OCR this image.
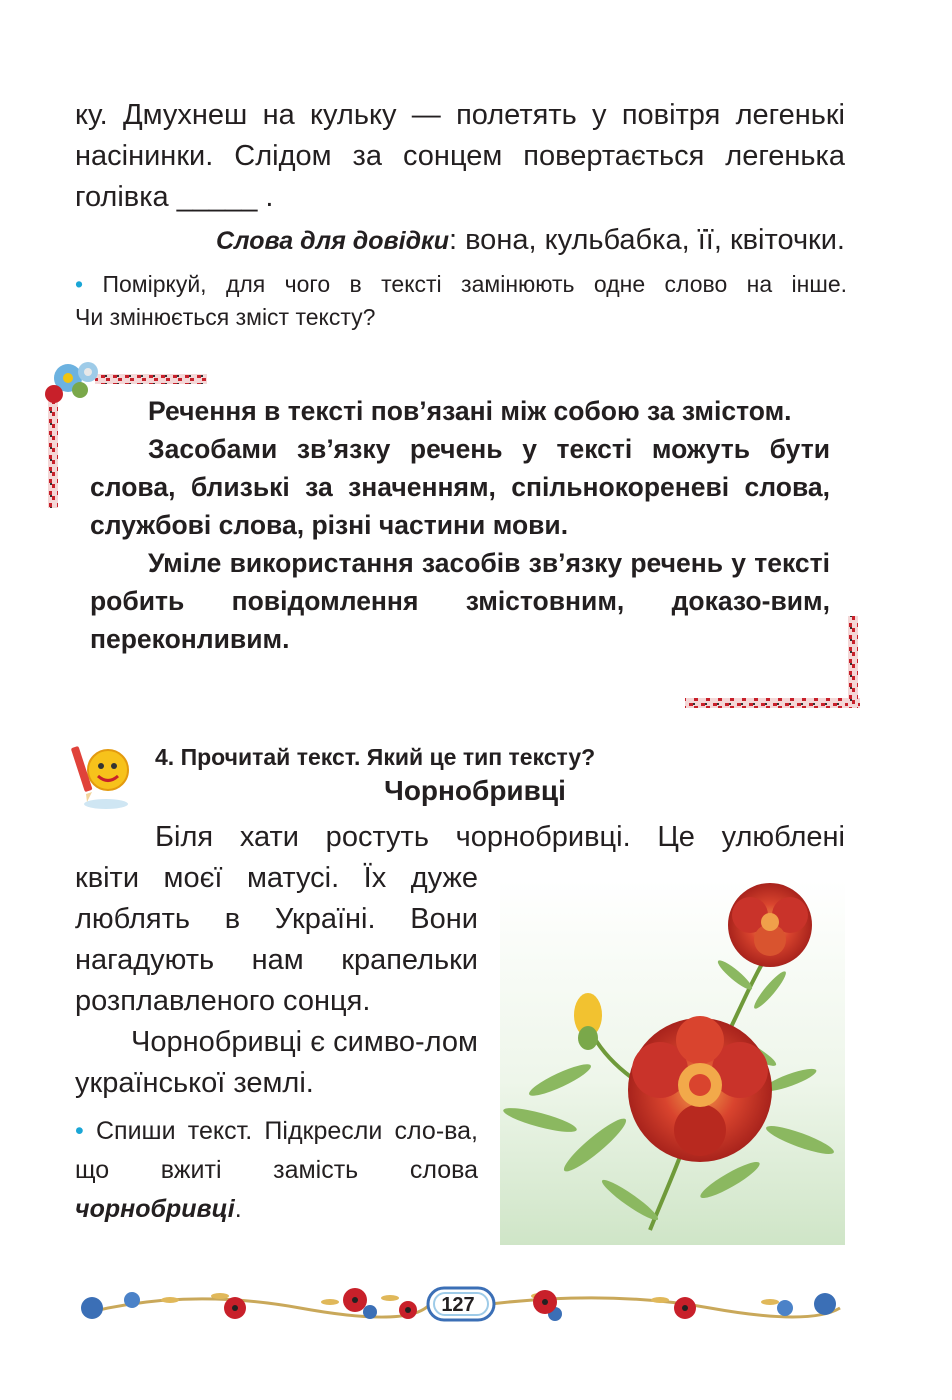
ку. Дмухнеш на кульку — полетять у повітря легенькі

насінинки. Слідом за сонцем повертається легенька

голівка _____ .

Слова для довідки: вона, кульбабка, її, квіточки.
• Поміркуй, для чого в тексті замінюють одне слово на інше.
Чи змінюється зміст тексту?

Речення в тексті пов’язані між собою за змістом.

Засобами зв’язку речень у тексті можуть бути слова, близькі за значенням, спільнокореневі слова, службові слова, різні частини мови.

Уміле використання засобів зв’язку речень у тексті робить повідомлення змістовним, доказо-вим, переконливим.

4. Прочитай текст. Який це тип тексту?
Чорнобривці
Біля хати ростуть чорнобривці. Це улюблені

квіти моєї матусі. Їх дуже люблять в Україні. Вони нагадують нам крапельки розплавленого сонця.

Чорнобривці є симво-лом української землі.

• Спиши текст. Підкресли сло-ва, що вжиті замість слова чорнобривці.
127
